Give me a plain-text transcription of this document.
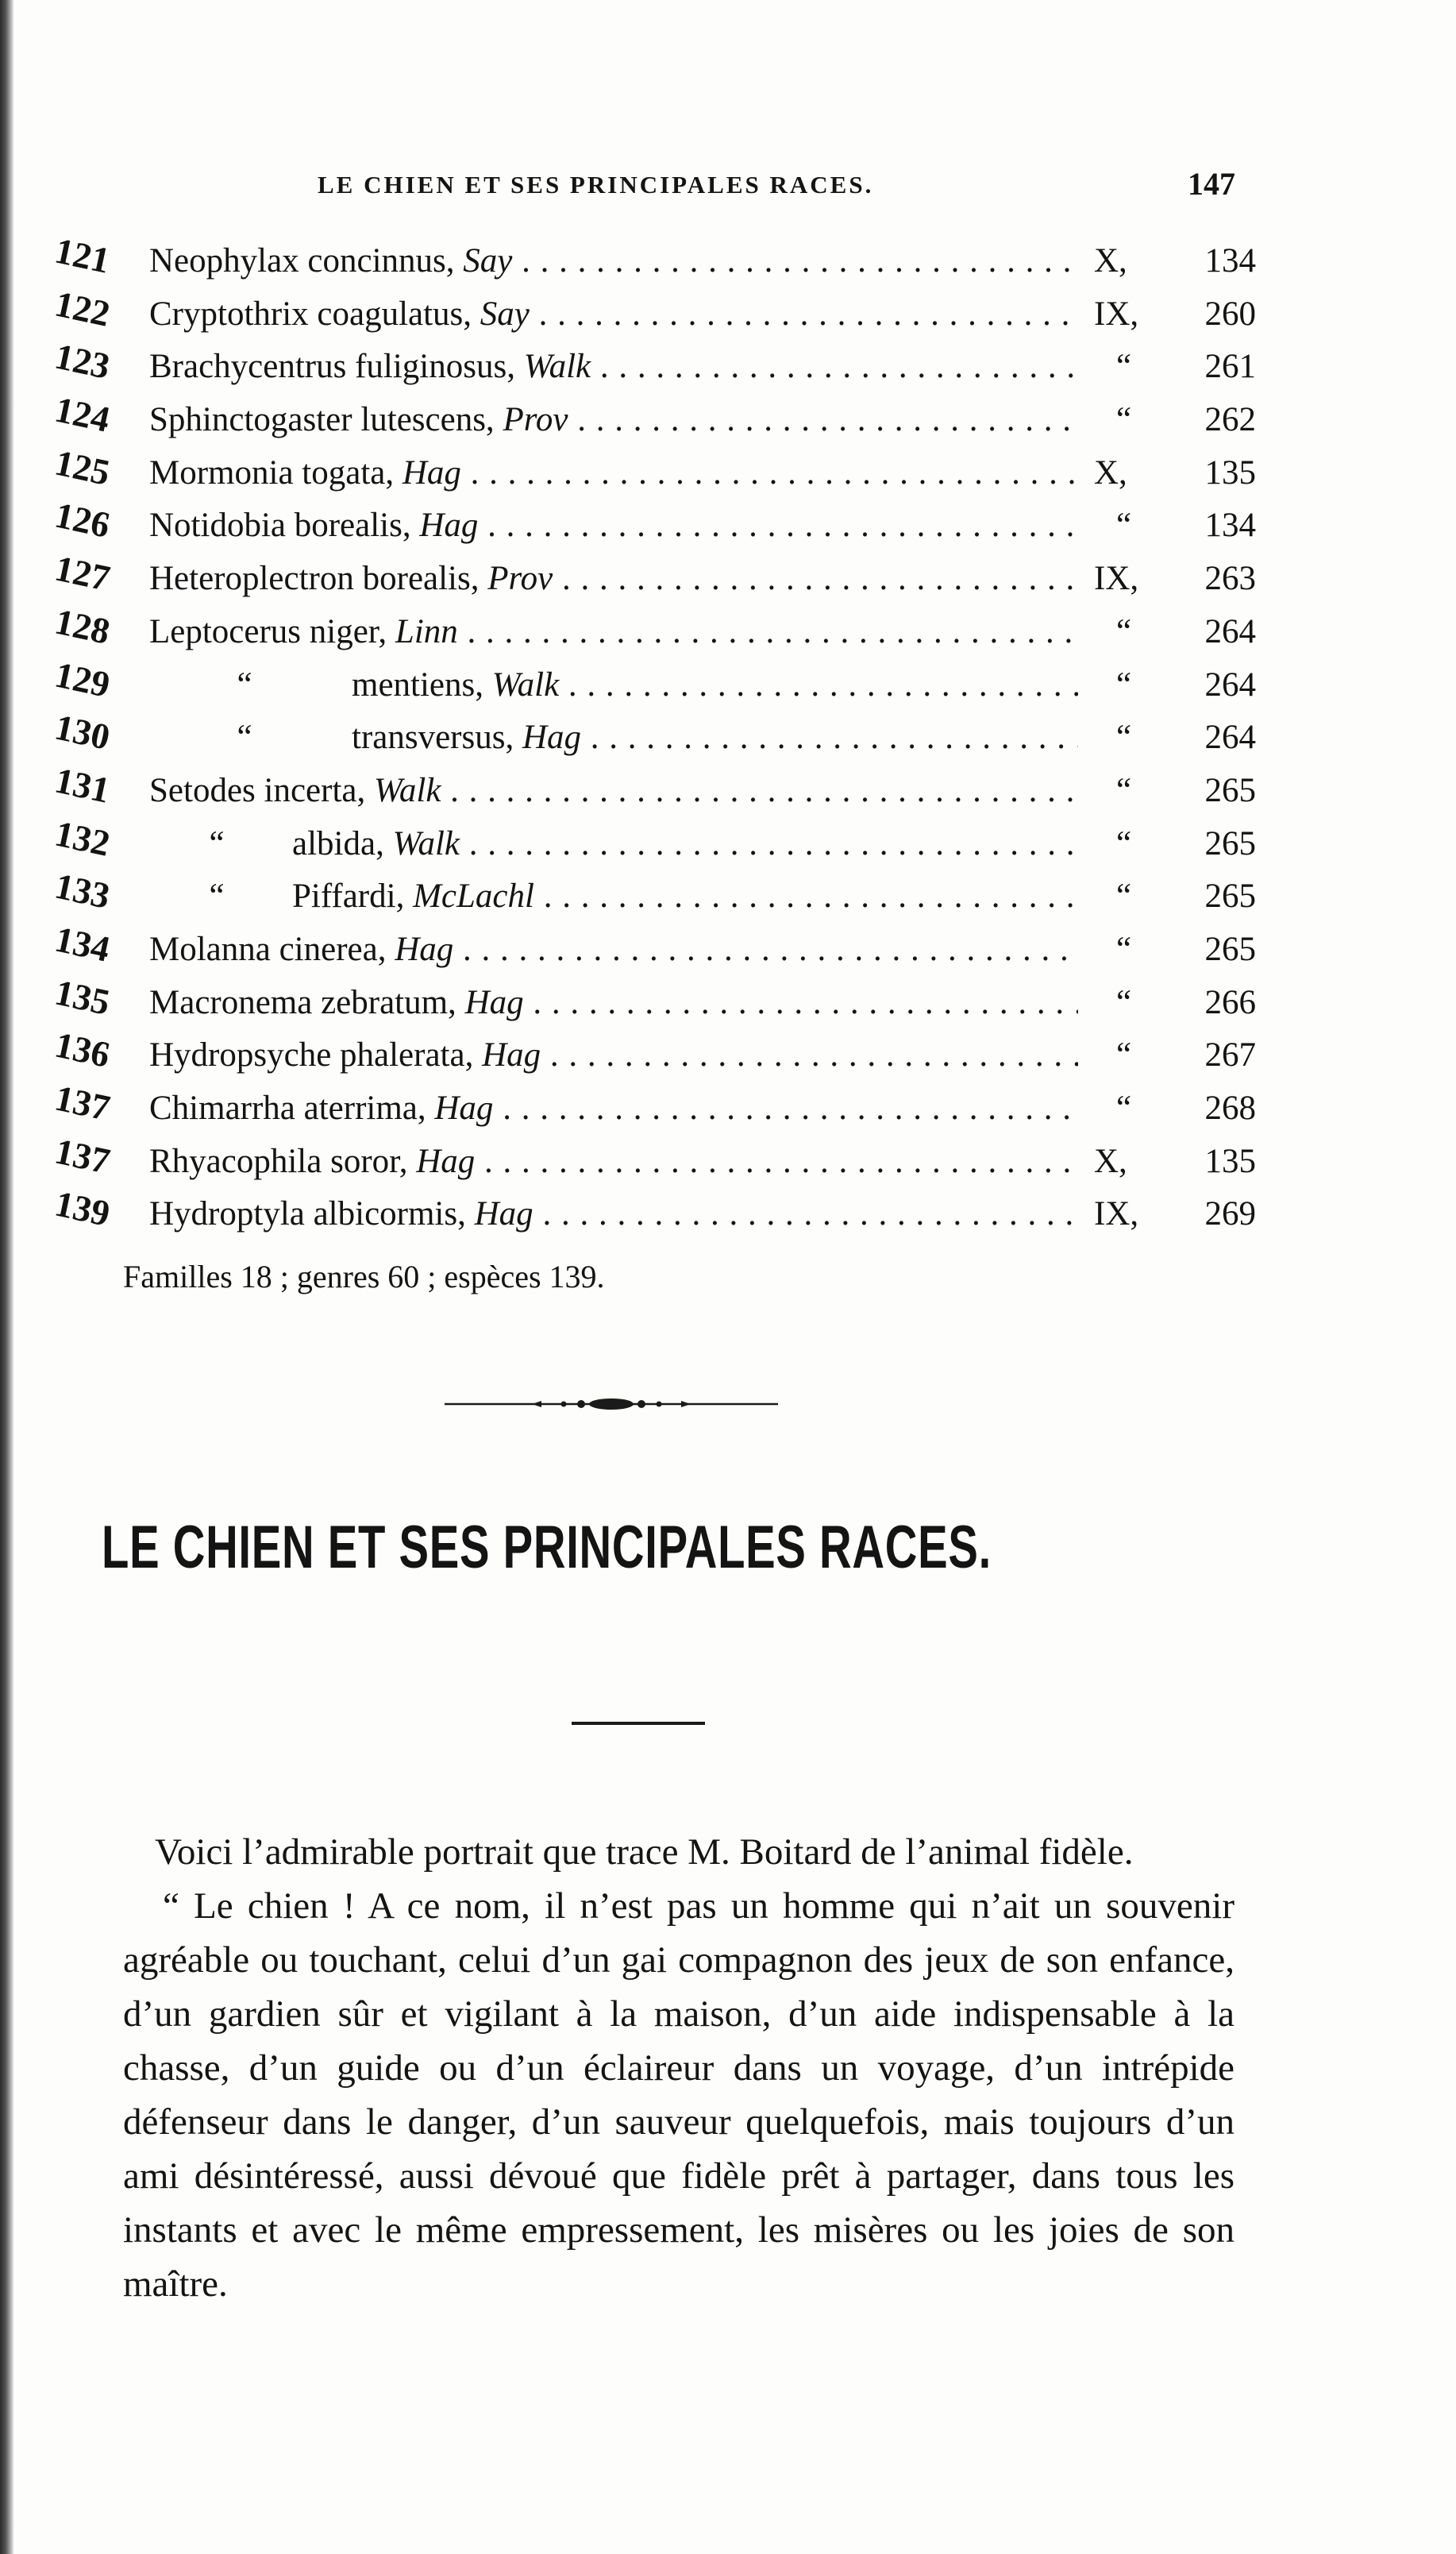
LE CHIEN ET SES PRINCIPALES RACES.	147
121 Neophylax concinnus, Say . . .	X,	134
122 Cryptothrix coagulatus, Say . . .	IX,	260
123 Brachycentrus fuliginosus, Walk . . .	“	261
124 Sphinctogaster lutescens, Prov . . .	“	262
125 Mormonia togata, Hag . . .	X,	135
126 Notidobia borealis, Hag . . .	“	134
127 Heteroplectron borealis, Prov . . .	IX,	263
128 Leptocerus niger, Linn . . .	“	264
129	“	mentiens, Walk . . .	“	264
130	“	transversus, Hag . . .	“	264
131 Setodes incerta, Walk . . .	“	265
132	“ albida, Walk . . .	“	265
133	“ Piffardi, McLachl . . .	“	265
134 Molanna cinerea, Hag . . .	“	265
135 Macronema zebratum, Hag . . .	“	266
136 Hydropsyche phalerata, Hag . . .	“	267
137 Chimarrha aterrima, Hag . . .	“	268
137 Rhyacophila soror, Hag . . .	X,	135
139 Hydroptyla albicormis, Hag . . .	IX,	269
Familles 18 ; genres 60 ; espèces 139.
LE CHIEN ET SES PRINCIPALES RACES.

Voici l’admirable portrait que trace M. Boitard de l’animal fidèle.

“ Le chien ! A ce nom, il n’est pas un homme qui n’ait un souvenir agréable ou touchant, celui d’un gai compagnon des jeux de son enfance, d’un gardien sûr et vigilant à la maison, d’un aide indispensable à la chasse, d’un guide ou d’un éclaireur dans un voyage, d’un intrépide défenseur dans le danger, d’un sauveur quelquefois, mais toujours d’un ami désintéressé, aussi dévoué que fidèle prêt à partager, dans tous les instants et avec le même empressement, les misères ou les joies de son maître.
